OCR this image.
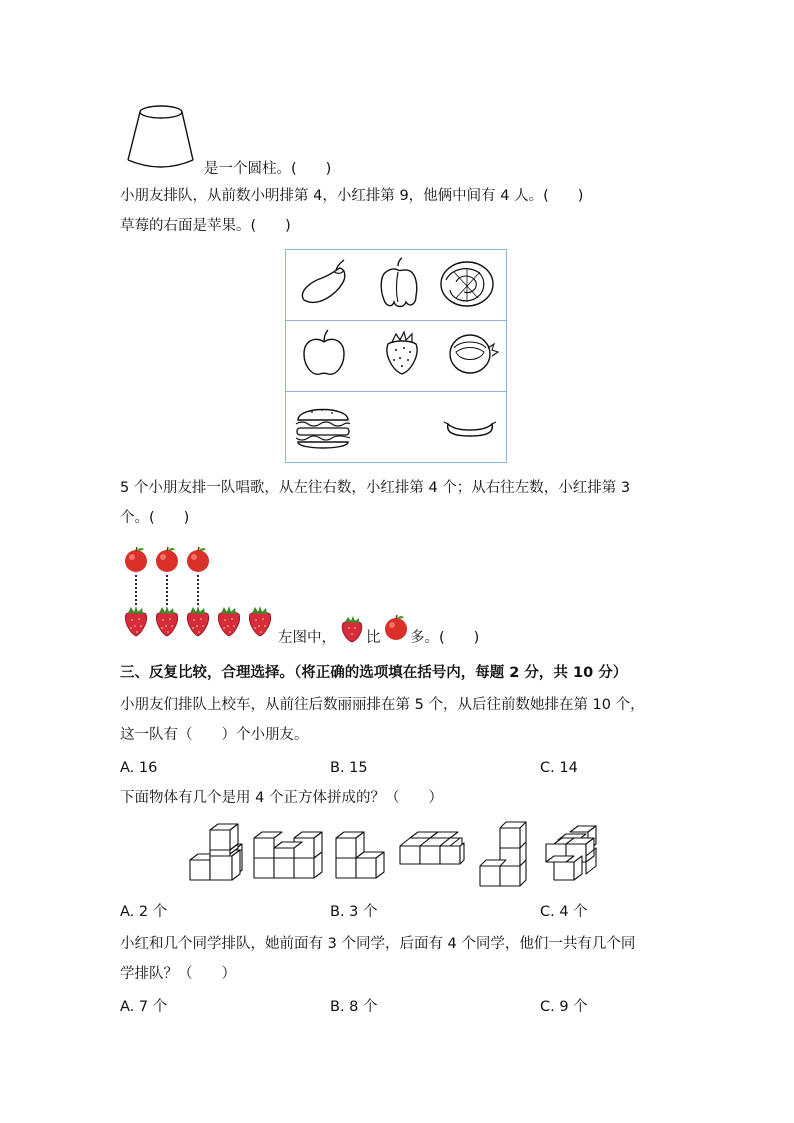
是一个圆柱。(　　)
小朋友排队，从前数小明排第 4，小红排第 9，他俩中间有 4 人。(　　)
草莓的右面是苹果。(　　)
5 个小朋友排一队唱歌，从左往右数，小红排第 4 个；从右往左数，小红排第 3
个。(　　)
左图中， 比 多。(　　)
三、反复比较，合理选择。（将正确的选项填在括号内，每题 2 分，共 10 分）
小朋友们排队上校车，从前往后数丽丽排在第 5 个，从后往前数她排在第 10 个，
这一队有（　　）个小朋友。
A. 16	B. 15	C. 14
下面物体有几个是用 4 个正方体拼成的？（　　）
A. 2 个	B. 3 个	C. 4 个
小红和几个同学排队，她前面有 3 个同学，后面有 4 个同学，他们一共有几个同
学排队？（　　）
A. 7 个	B. 8 个	C. 9 个
